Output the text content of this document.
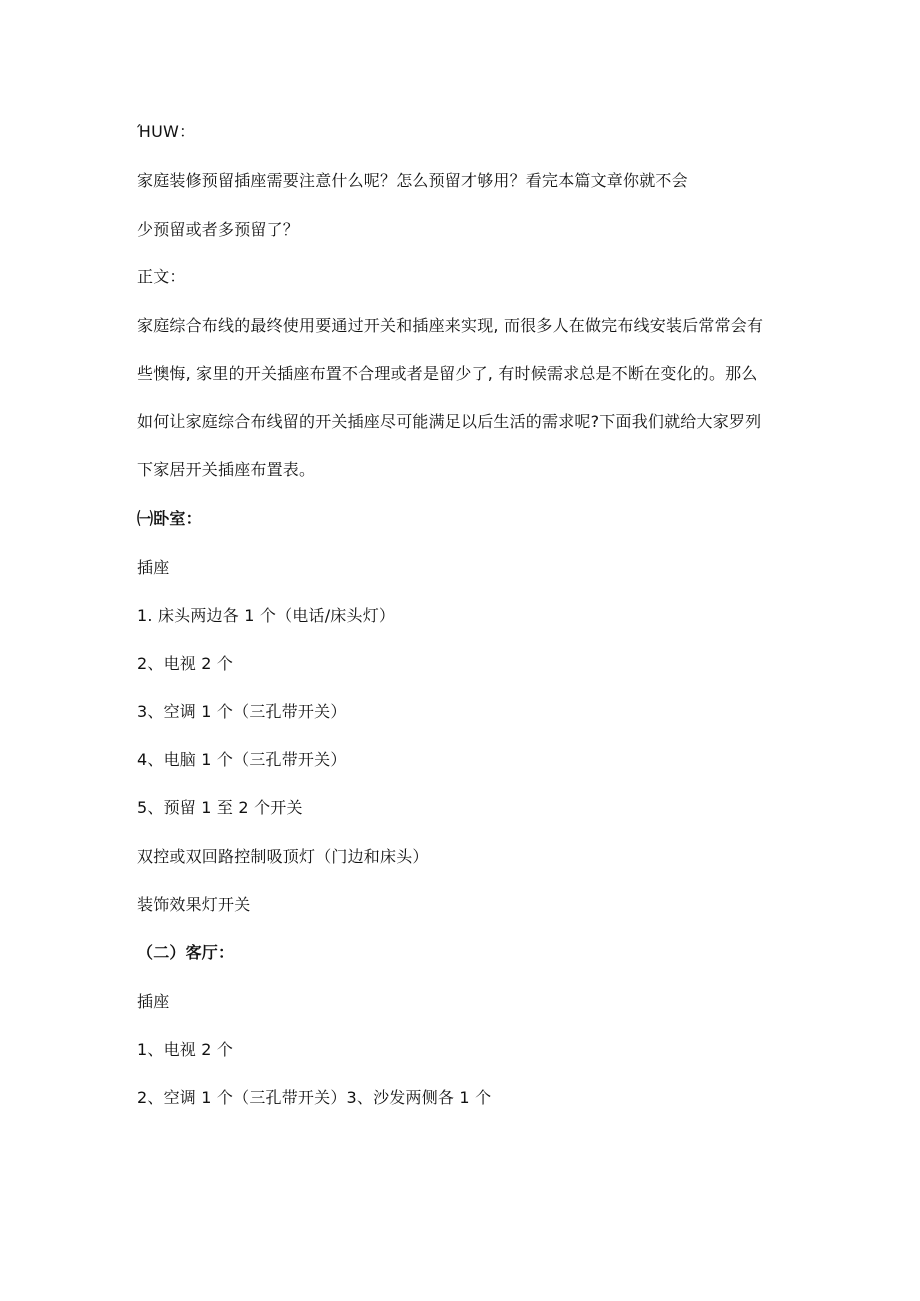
ΉUW：
家庭装修预留插座需要注意什么呢？怎么预留才够用？看完本篇文章你就不会
少预留或者多预留了？
正文：
家庭综合布线的最终使用要通过开关和插座来实现, 而很多人在做完布线安装后常常会有
些懊悔, 家里的开关插座布置不合理或者是留少了, 有时候需求总是不断在变化的。那么
如何让家庭综合布线留的开关插座尽可能满足以后生活的需求呢?下面我们就给大家罗列
下家居开关插座布置表。
㈠卧室：
插座
1. 床头两边各 1 个（电话/床头灯）
2、电视 2 个
3、空调 1 个（三孔带开关）
4、电脑 1 个（三孔带开关）
5、预留 1 至 2 个开关
双控或双回路控制吸顶灯（门边和床头）
装饰效果灯开关
（二）客厅：
插座
1、电视 2 个
2、空调 1 个（三孔带开关）3、沙发两侧各 1 个
